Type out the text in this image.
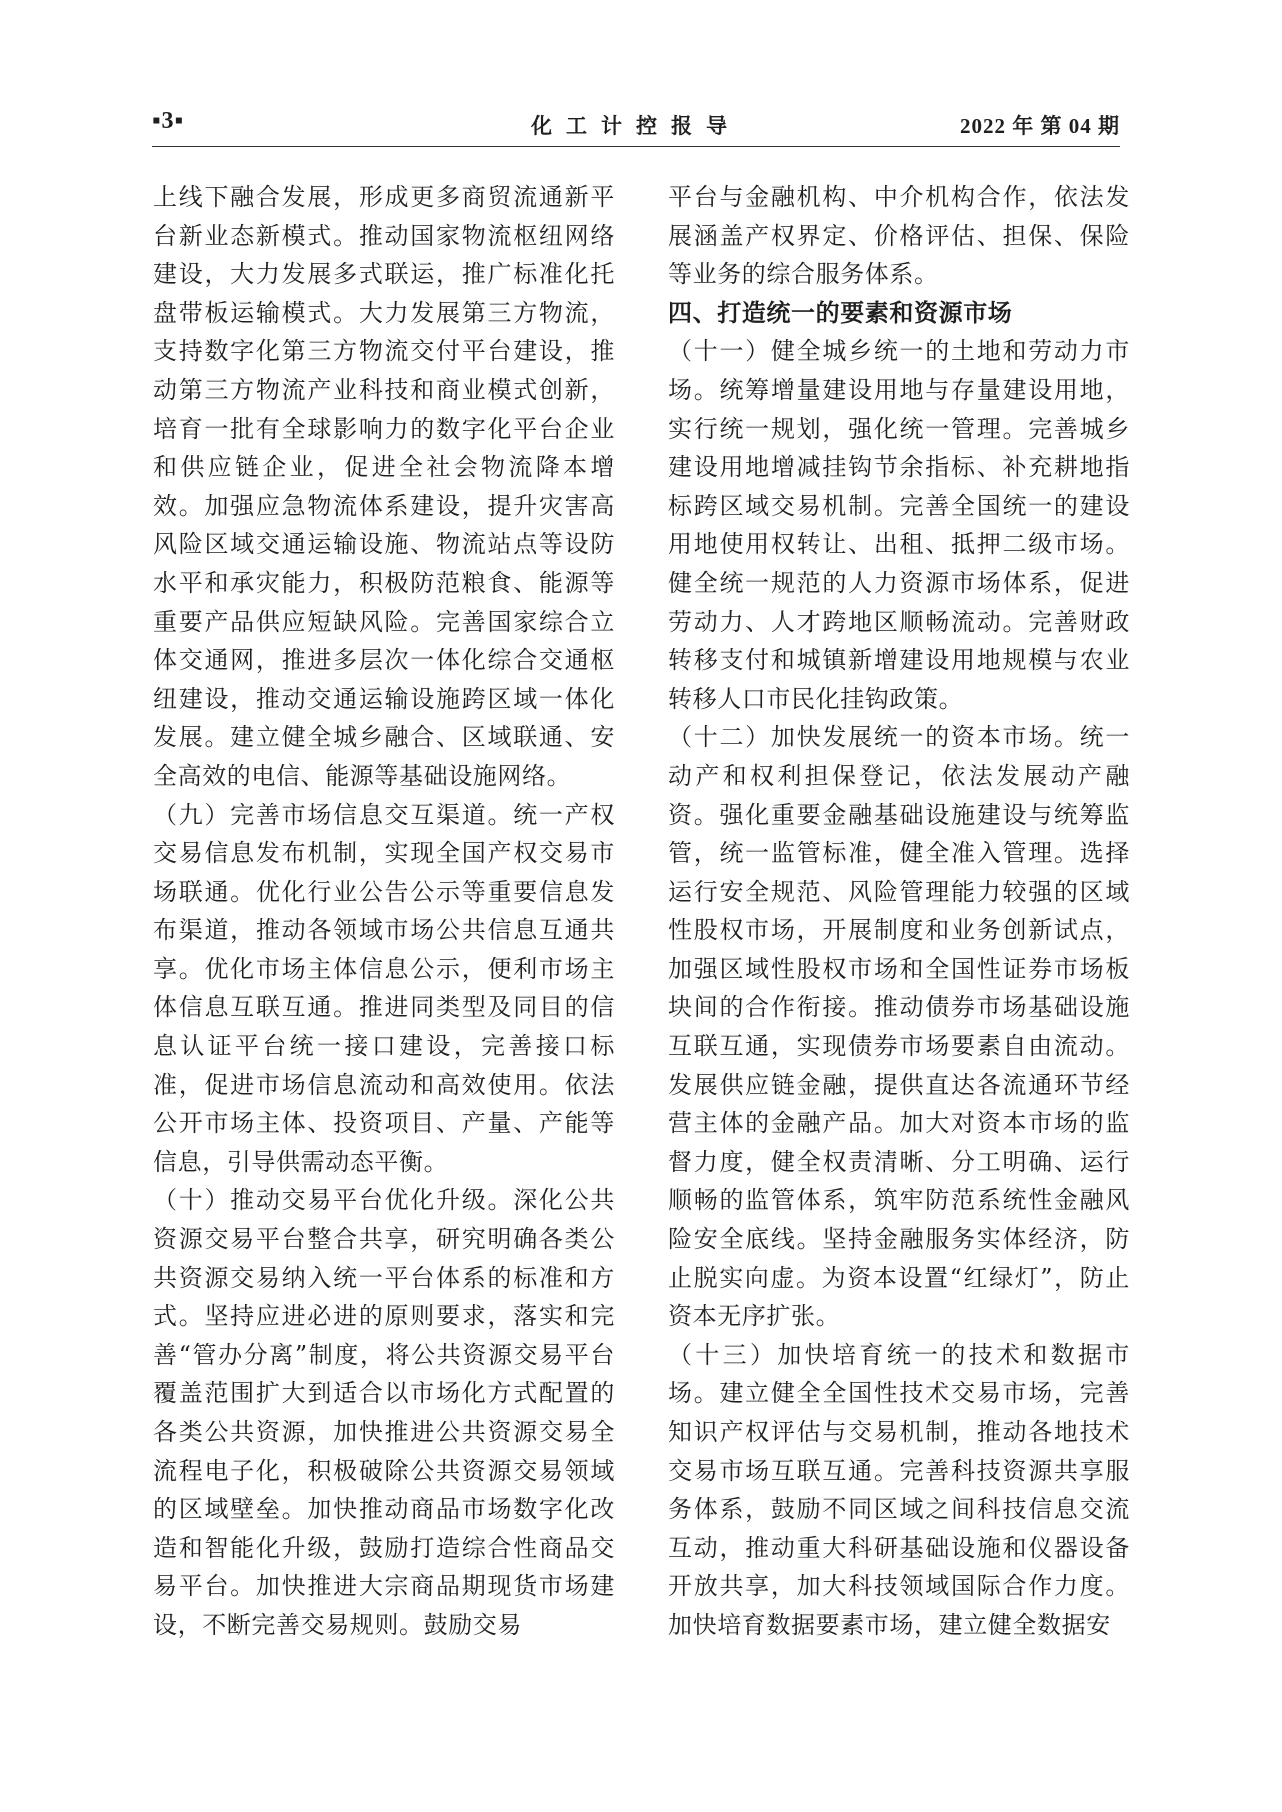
▪3▪	化工计控报导	2022 年 第 04 期

上线下融合发展，形成更多商贸流通新平台新业态新模式。推动国家物流枢纽网络建设，大力发展多式联运，推广标准化托盘带板运输模式。大力发展第三方物流，支持数字化第三方物流交付平台建设，推动第三方物流产业科技和商业模式创新，培育一批有全球影响力的数字化平台企业和供应链企业，促进全社会物流降本增效。加强应急物流体系建设，提升灾害高风险区域交通运输设施、物流站点等设防水平和承灾能力，积极防范粮食、能源等重要产品供应短缺风险。完善国家综合立体交通网，推进多层次一体化综合交通枢纽建设，推动交通运输设施跨区域一体化发展。建立健全城乡融合、区域联通、安全高效的电信、能源等基础设施网络。

（九）完善市场信息交互渠道。统一产权交易信息发布机制，实现全国产权交易市场联通。优化行业公告公示等重要信息发布渠道，推动各领域市场公共信息互通共享。优化市场主体信息公示，便利市场主体信息互联互通。推进同类型及同目的信息认证平台统一接口建设，完善接口标准，促进市场信息流动和高效使用。依法公开市场主体、投资项目、产量、产能等信息，引导供需动态平衡。

（十）推动交易平台优化升级。深化公共资源交易平台整合共享，研究明确各类公共资源交易纳入统一平台体系的标准和方式。坚持应进必进的原则要求，落实和完善“管办分离”制度，将公共资源交易平台覆盖范围扩大到适合以市场化方式配置的各类公共资源，加快推进公共资源交易全流程电子化，积极破除公共资源交易领域的区域壁垒。加快推动商品市场数字化改造和智能化升级，鼓励打造综合性商品交易平台。加快推进大宗商品期现货市场建设，不断完善交易规则。鼓励交易

平台与金融机构、中介机构合作，依法发展涵盖产权界定、价格评估、担保、保险等业务的综合服务体系。

四、打造统一的要素和资源市场

（十一）健全城乡统一的土地和劳动力市场。统筹增量建设用地与存量建设用地，实行统一规划，强化统一管理。完善城乡建设用地增减挂钩节余指标、补充耕地指标跨区域交易机制。完善全国统一的建设用地使用权转让、出租、抵押二级市场。健全统一规范的人力资源市场体系，促进劳动力、人才跨地区顺畅流动。完善财政转移支付和城镇新增建设用地规模与农业转移人口市民化挂钩政策。

（十二）加快发展统一的资本市场。统一动产和权利担保登记，依法发展动产融资。强化重要金融基础设施建设与统筹监管，统一监管标准，健全准入管理。选择运行安全规范、风险管理能力较强的区域性股权市场，开展制度和业务创新试点，加强区域性股权市场和全国性证券市场板块间的合作衔接。推动债券市场基础设施互联互通，实现债券市场要素自由流动。发展供应链金融，提供直达各流通环节经营主体的金融产品。加大对资本市场的监督力度，健全权责清晰、分工明确、运行顺畅的监管体系，筑牢防范系统性金融风险安全底线。坚持金融服务实体经济，防止脱实向虚。为资本设置“红绿灯”，防止资本无序扩张。

（十三）加快培育统一的技术和数据市场。建立健全全国性技术交易市场，完善知识产权评估与交易机制，推动各地技术交易市场互联互通。完善科技资源共享服务体系，鼓励不同区域之间科技信息交流互动，推动重大科研基础设施和仪器设备开放共享，加大科技领域国际合作力度。加快培育数据要素市场，建立健全数据安
